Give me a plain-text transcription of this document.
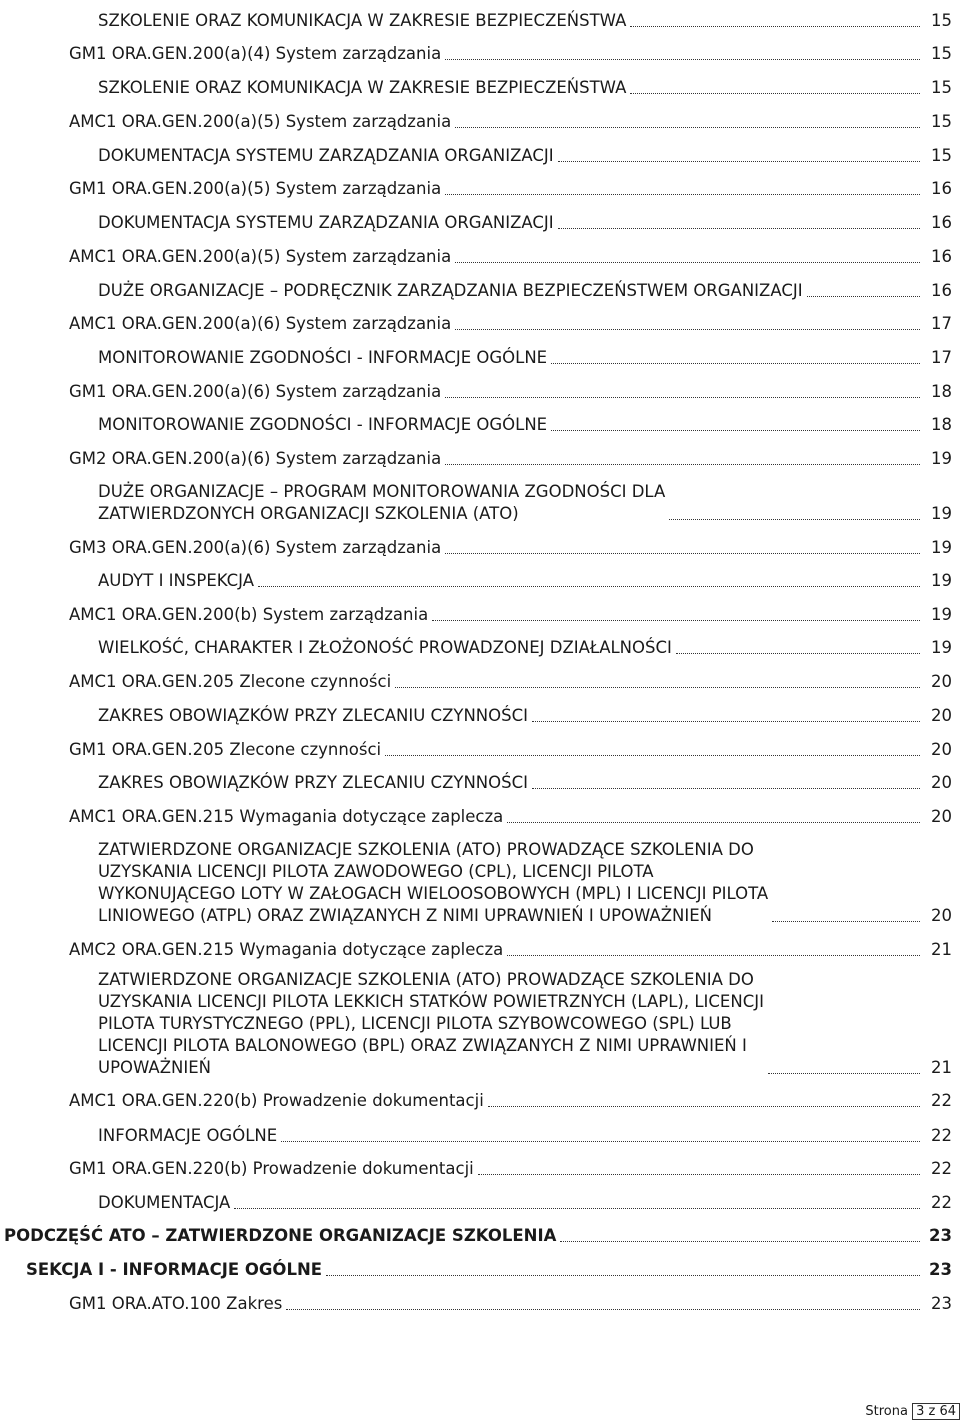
SZKOLENIE ORAZ KOMUNIKACJA W ZAKRESIE BEZPIECZEŃSTWA	15
GM1 ORA.GEN.200(a)(4) System zarządzania	15
SZKOLENIE ORAZ KOMUNIKACJA W ZAKRESIE BEZPIECZEŃSTWA	15
AMC1 ORA.GEN.200(a)(5) System zarządzania	15
DOKUMENTACJA SYSTEMU ZARZĄDZANIA ORGANIZACJI	15
GM1 ORA.GEN.200(a)(5) System zarządzania	16
DOKUMENTACJA SYSTEMU ZARZĄDZANIA ORGANIZACJI	16
AMC1 ORA.GEN.200(a)(5) System zarządzania	16
DUŻE ORGANIZACJE – PODRĘCZNIK ZARZĄDZANIA BEZPIECZEŃSTWEM ORGANIZACJI	16
AMC1 ORA.GEN.200(a)(6) System zarządzania	17
MONITOROWANIE ZGODNOŚCI - INFORMACJE OGÓLNE	17
GM1 ORA.GEN.200(a)(6) System zarządzania	18
MONITOROWANIE ZGODNOŚCI - INFORMACJE OGÓLNE	18
GM2 ORA.GEN.200(a)(6) System zarządzania	19
DUŻE ORGANIZACJE – PROGRAM MONITOROWANIA ZGODNOŚCI DLA
ZATWIERDZONYCH ORGANIZACJI SZKOLENIA (ATO)	19
GM3 ORA.GEN.200(a)(6) System zarządzania	19
AUDYT I INSPEKCJA	19
AMC1 ORA.GEN.200(b) System zarządzania	19
WIELKOŚĆ, CHARAKTER I ZŁOŻONOŚĆ PROWADZONEJ DZIAŁALNOŚCI	19
AMC1 ORA.GEN.205 Zlecone czynności	20
ZAKRES OBOWIĄZKÓW PRZY ZLECANIU CZYNNOŚCI	20
GM1 ORA.GEN.205 Zlecone czynności	20
ZAKRES OBOWIĄZKÓW PRZY ZLECANIU CZYNNOŚCI	20
AMC1 ORA.GEN.215 Wymagania dotyczące zaplecza	20
ZATWIERDZONE ORGANIZACJE SZKOLENIA (ATO) PROWADZĄCE SZKOLENIA DO
UZYSKANIA LICENCJI PILOTA ZAWODOWEGO (CPL), LICENCJI PILOTA
WYKONUJĄCEGO LOTY W ZAŁOGACH WIELOOSOBOWYCH (MPL) I LICENCJI PILOTA
LINIOWEGO (ATPL) ORAZ ZWIĄZANYCH Z NIMI UPRAWNIEŃ I UPOWAŻNIEŃ	20
AMC2 ORA.GEN.215 Wymagania dotyczące zaplecza	21
ZATWIERDZONE ORGANIZACJE SZKOLENIA (ATO) PROWADZĄCE SZKOLENIA DO
UZYSKANIA LICENCJI PILOTA LEKKICH STATKÓW POWIETRZNYCH (LAPL), LICENCJI
PILOTA TURYSTYCZNEGO (PPL), LICENCJI PILOTA SZYBOWCOWEGO (SPL) LUB
LICENCJI PILOTA BALONOWEGO (BPL) ORAZ ZWIĄZANYCH Z NIMI UPRAWNIEŃ I
UPOWAŻNIEŃ	21
AMC1 ORA.GEN.220(b) Prowadzenie dokumentacji	22
INFORMACJE OGÓLNE	22
GM1 ORA.GEN.220(b) Prowadzenie dokumentacji	22
DOKUMENTACJA	22
PODCZĘŚĆ ATO – ZATWIERDZONE ORGANIZACJE SZKOLENIA	23
SEKCJA I - INFORMACJE OGÓLNE	23
GM1 ORA.ATO.100 Zakres	23
Strona 3 z 64
